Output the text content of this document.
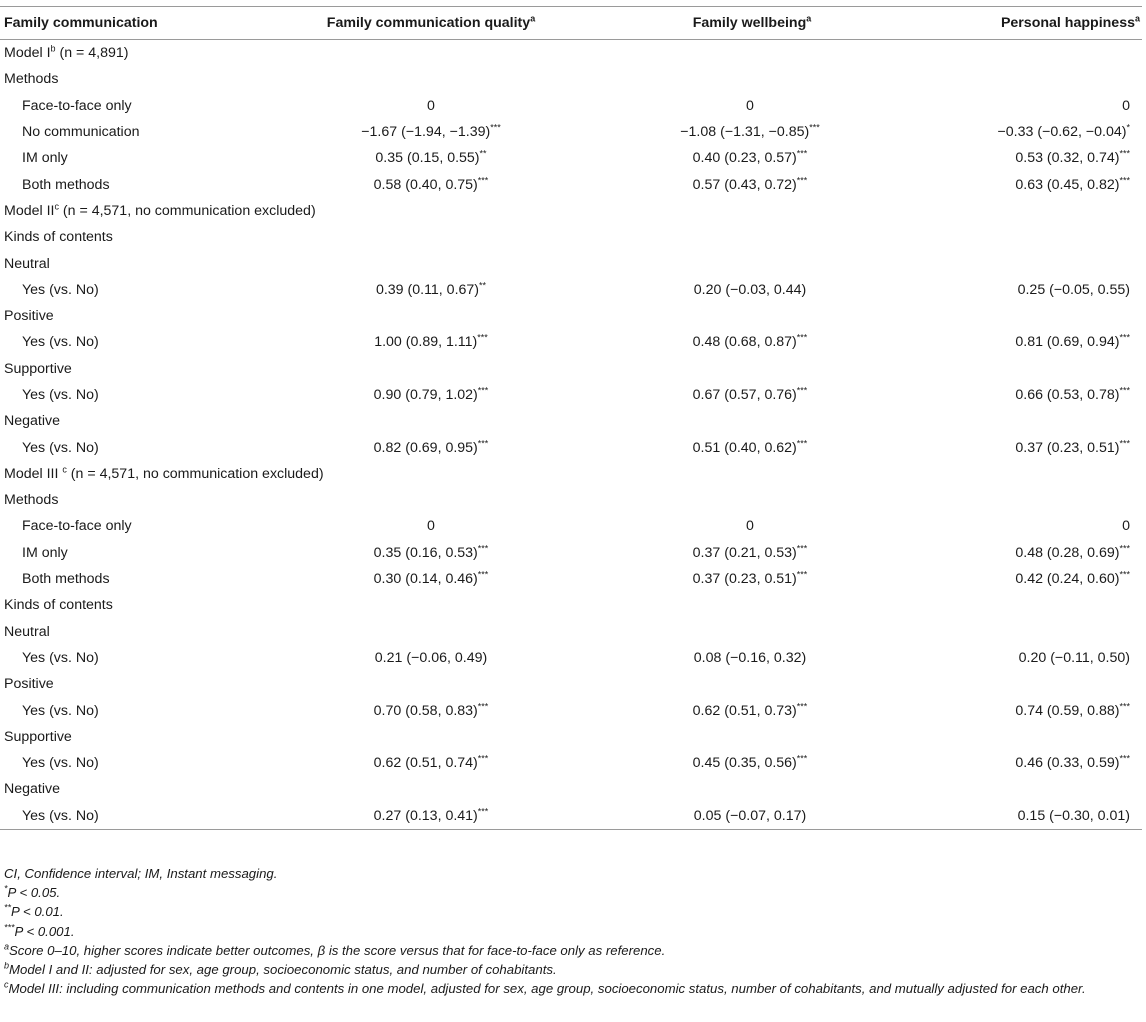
Family communication	Family communication quality$^a$	Family wellbeing$^a$	Personal happiness$^a$
Model $I^b$ (n = 4,891)			
Methods			
Face-to-face only	0	0	0
No communication	−1.67 (−1.94, −1.39)***	−1.08 (−1.31, −0.85)***	−0.33 (−0.62, −0.04)*
IM only	0.35 (0.15, 0.55)**	0.40 (0.23, 0.57)***	0.53 (0.32, 0.74)***
Both methods	0.58 (0.40, 0.75)***	0.57 (0.43, 0.72)***	0.63 (0.45, 0.82)***
Model $II^c$ (n = 4,571, no communication excluded)			
Kinds of contents			
Neutral			
Yes (vs. No)	0.39 (0.11, 0.67)**	0.20 (−0.03, 0.44)	0.25 (−0.05, 0.55)
Positive			
Yes (vs. No)	1.00 (0.89, 1.11)***	0.48 (0.68, 0.87)***	0.81 (0.69, 0.94)***
Supportive			
Yes (vs. No)	0.90 (0.79, 1.02)***	0.67 (0.57, 0.76)***	0.66 (0.53, 0.78)***
Negative			
Yes (vs. No)	0.82 (0.69, 0.95)***	0.51 (0.40, 0.62)***	0.37 (0.23, 0.51)***
Model III $^c$ (n = 4,571, no communication excluded)			
Methods			
Face-to-face only	0	0	0
IM only	0.35 (0.16, 0.53)***	0.37 (0.21, 0.53)***	0.48 (0.28, 0.69)***
Both methods	0.30 (0.14, 0.46)***	0.37 (0.23, 0.51)***	0.42 (0.24, 0.60)***
Kinds of contents			
Neutral			
Yes (vs. No)	0.21 (−0.06, 0.49)	0.08 (−0.16, 0.32)	0.20 (−0.11, 0.50)
Positive			
Yes (vs. No)	0.70 (0.58, 0.83)***	0.62 (0.51, 0.73)***	0.74 (0.59, 0.88)***
Supportive			
Yes (vs. No)	0.62 (0.51, 0.74)***	0.45 (0.35, 0.56)***	0.46 (0.33, 0.59)***
Negative			
Yes (vs. No)	0.27 (0.13, 0.41)***	0.05 (−0.07, 0.17)	0.15 (−0.30, 0.01)
CI, Confidence interval; IM, Instant messaging.
*P < 0.05.
**P < 0.01.
***P < 0.001.
$^a$Score 0–10, higher scores indicate better outcomes, β is the score versus that for face-to-face only as reference.
$^b$Model I and II: adjusted for sex, age group, socioeconomic status, and number of cohabitants.
$^c$Model III: including communication methods and contents in one model, adjusted for sex, age group, socioeconomic status, number of cohabitants, and mutually adjusted for each other.
